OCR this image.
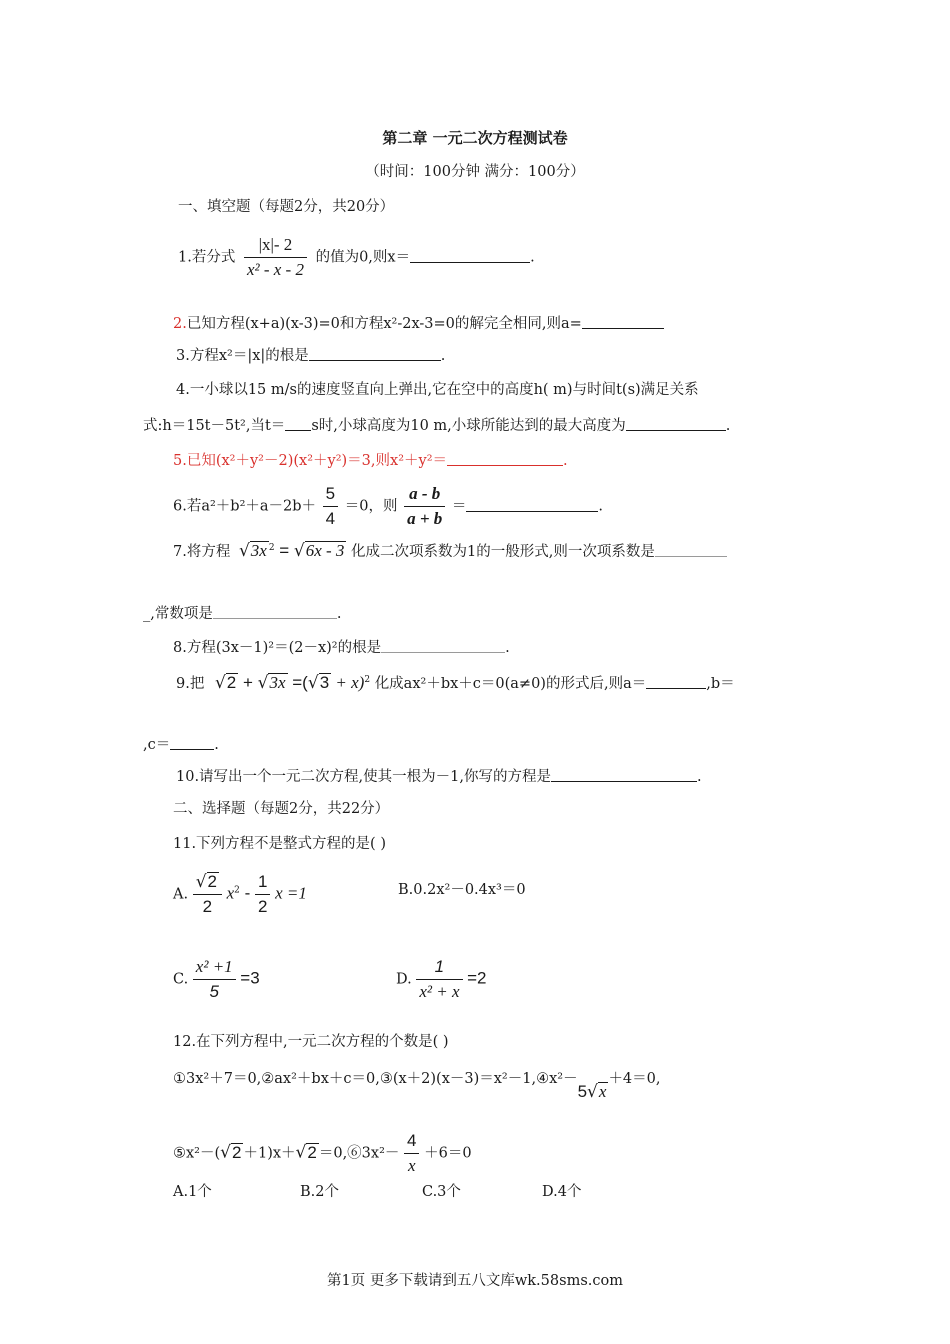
第二章 一元二次方程测试卷
（时间：100分钟 满分：100分）
一、填空题（每题2分，共20分）
1.若分式 $\frac{|x|- 2}{\text{x² - x - 2}}$ 的值为0,则x＝	.
2.已知方程(x+a)(x-3)=0和方程x²-2x-3=0的解完全相同,则a=
3.方程x²＝|x|的根是	.
4.一小球以15 m/s的速度竖直向上弹出,它在空中的高度h( m)与时间t(s)满足关系
式:h＝15t－5t²,当t＝ s时,小球高度为10 m,小球所能达到的最大高度为	.
5.已知(x²＋y²－2)(x²＋y²)＝3,则x²＋y²＝	.
6.若$a^2+b^2+a-2b+ \frac{5}{4} =0$，则 $\frac{a - b}{a + b}$ ＝	.
7.将方程 √3x $^2$ = √6x - 3 化成二次项系数为1的一般形式,则一次项系数是
_,常数项是	.
8.方程(3x－1)²＝(2－x)²的根是	.
9.把 $√2 + √3x =(√3 + x)^2$ 化成ax²＋bx＋c＝0(a≠0)的形式后,则a＝	,b＝
,c＝	.
10.请写出一个一元二次方程,使其一根为－1,你写的方程是	.
二、选择题（每题2分，共22分）
11.下列方程不是整式方程的是( )
A. $\frac{√2}{2} x^2 - \frac{1}{2}$ x =1	B.0.2x²－0.4x³＝0
C. $\frac{\text{x² +1}}{5} =3$	D. $\frac{1}{\text{x² + x}} =2$
12.在下列方程中,一元二次方程的个数是( )
①3x²＋7＝0,②ax²＋bx＋c＝0,③(x＋2)(x－3)＝x²－1,④x²－5√x＋4＝0,
⑤x²－(√2 ＋1)x＋√2 ＝0,⑥3x²－ $\frac{4}{x} +6=0$
A.1个	B.2个	C.3个	D.4个
第1页 更多下载请到五八文库wk.58sms.com
